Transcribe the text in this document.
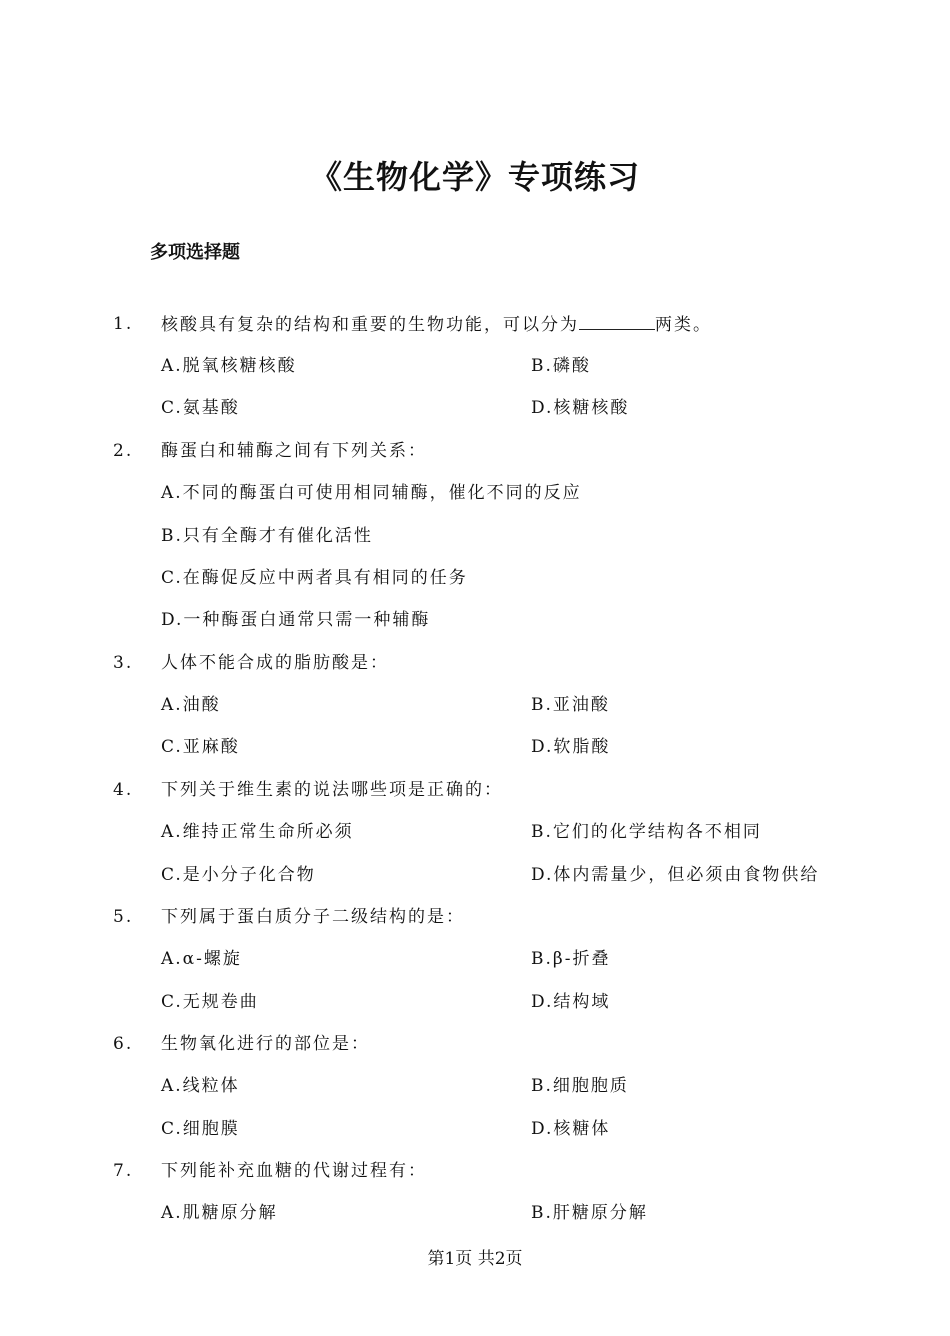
《生物化学》专项练习
多项选择题
1.	核酸具有复杂的结构和重要的生物功能，可以分为	两类。
A.脱氧核糖核酸	B.磷酸
C.氨基酸	D.核糖核酸
2.	酶蛋白和辅酶之间有下列关系：
A.不同的酶蛋白可使用相同辅酶，催化不同的反应
B.只有全酶才有催化活性
C.在酶促反应中两者具有相同的任务
D.一种酶蛋白通常只需一种辅酶
3.	人体不能合成的脂肪酸是：
A.油酸	B.亚油酸
C.亚麻酸	D.软脂酸
4.	下列关于维生素的说法哪些项是正确的：
A.维持正常生命所必须	B.它们的化学结构各不相同
C.是小分子化合物	D.体内需量少，但必须由食物供给
5.	下列属于蛋白质分子二级结构的是：
A.α-螺旋	B.β-折叠
C.无规卷曲	D.结构域
6.	生物氧化进行的部位是：
A.线粒体	B.细胞胞质
C.细胞膜	D.核糖体
7.	下列能补充血糖的代谢过程有：
A.肌糖原分解	B.肝糖原分解
第1页 共2页
